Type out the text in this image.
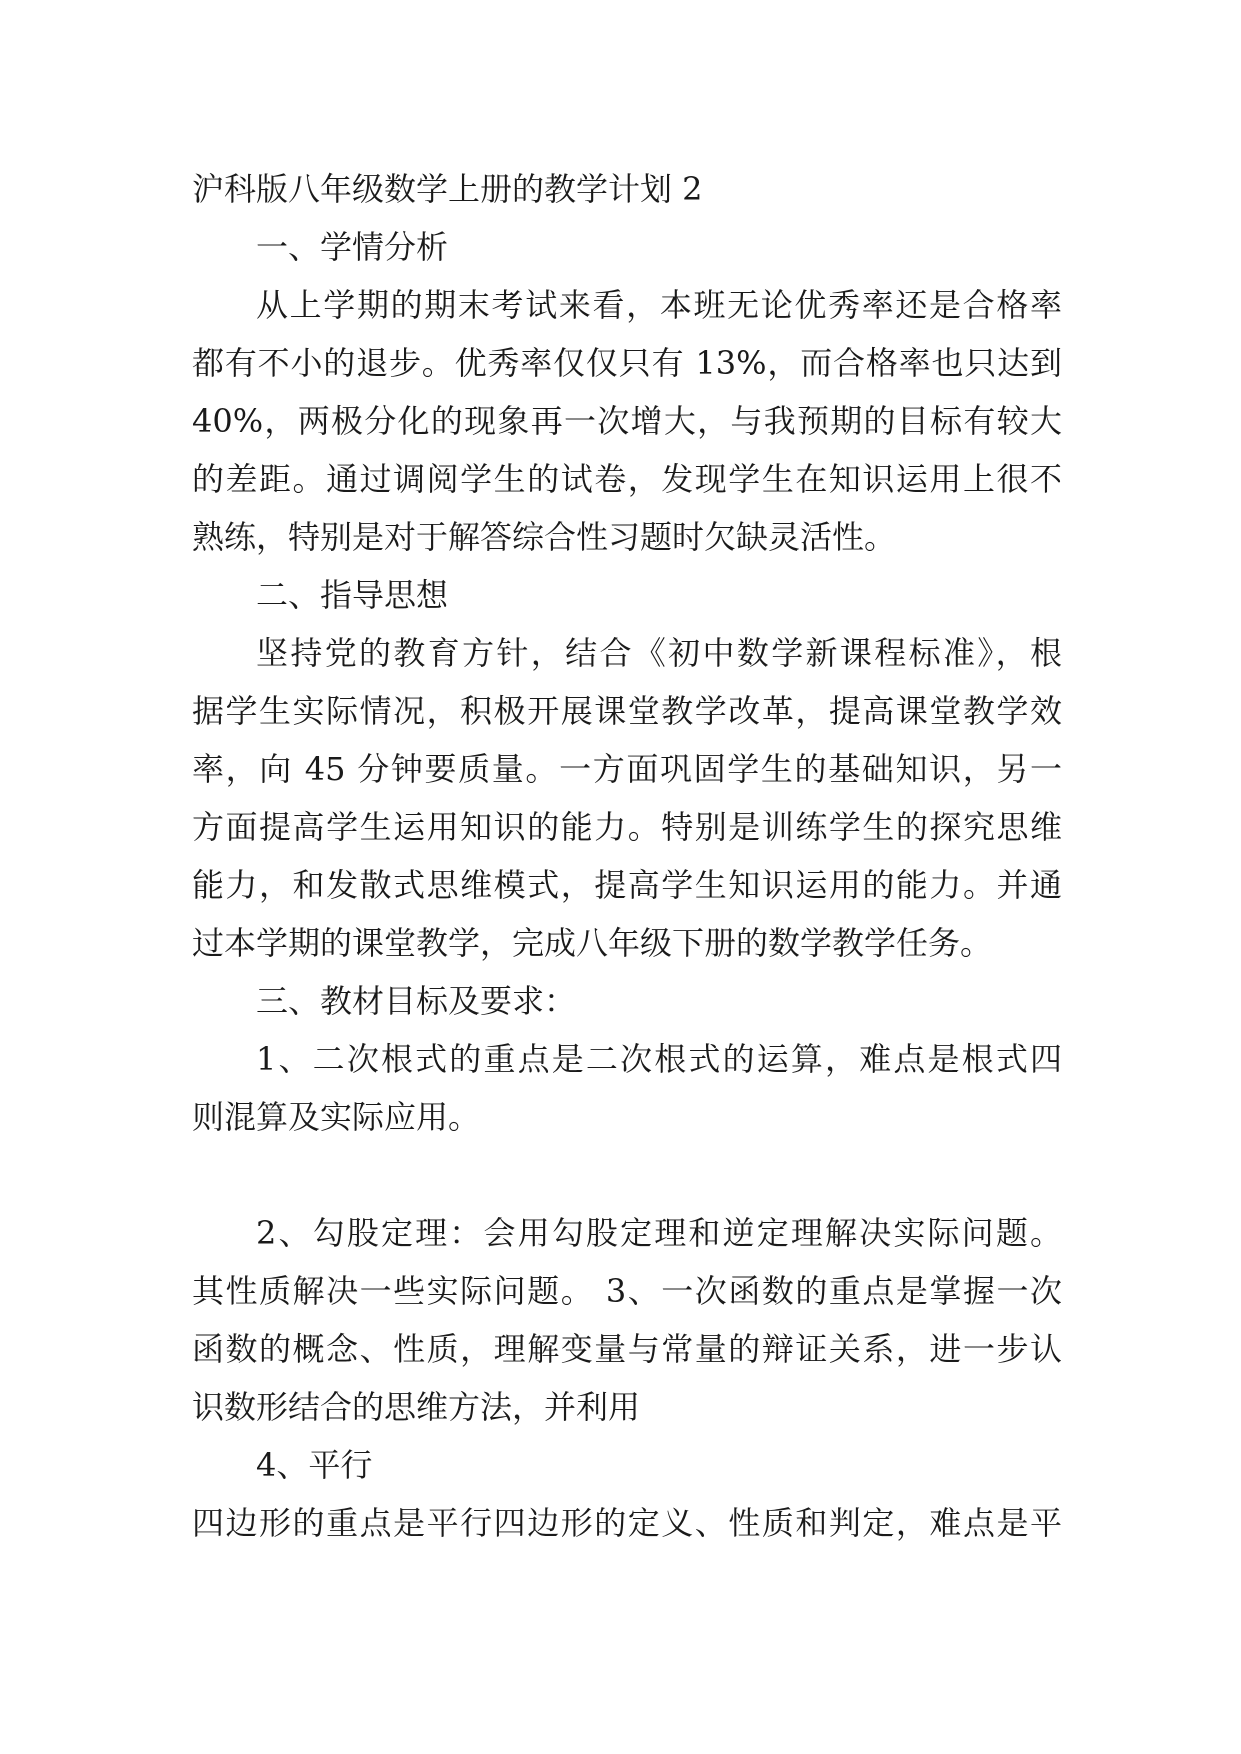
沪科版八年级数学上册的教学计划 2
一、学情分析
从上学期的期末考试来看，本班无论优秀率还是合格率
都有不小的退步。优秀率仅仅只有 13%，而合格率也只达到
40%，两极分化的现象再一次增大，与我预期的目标有较大
的差距。通过调阅学生的试卷，发现学生在知识运用上很不
熟练，特别是对于解答综合性习题时欠缺灵活性。
二、指导思想
坚持党的教育方针，结合《初中数学新课程标准》，根
据学生实际情况，积极开展课堂教学改革，提高课堂教学效
率，向 45 分钟要质量。一方面巩固学生的基础知识，另一
方面提高学生运用知识的能力。特别是训练学生的探究思维
能力，和发散式思维模式，提高学生知识运用的能力。并通
过本学期的课堂教学，完成八年级下册的数学教学任务。
三、教材目标及要求：
1、二次根式的重点是二次根式的运算，难点是根式四
则混算及实际应用。
2、勾股定理：会用勾股定理和逆定理解决实际问题。
其性质解决一些实际问题。 3、一次函数的重点是掌握一次
函数的概念、性质，理解变量与常量的辩证关系，进一步认
识数形结合的思维方法，并利用
4、平行
四边形的重点是平行四边形的定义、性质和判定，难点是平
